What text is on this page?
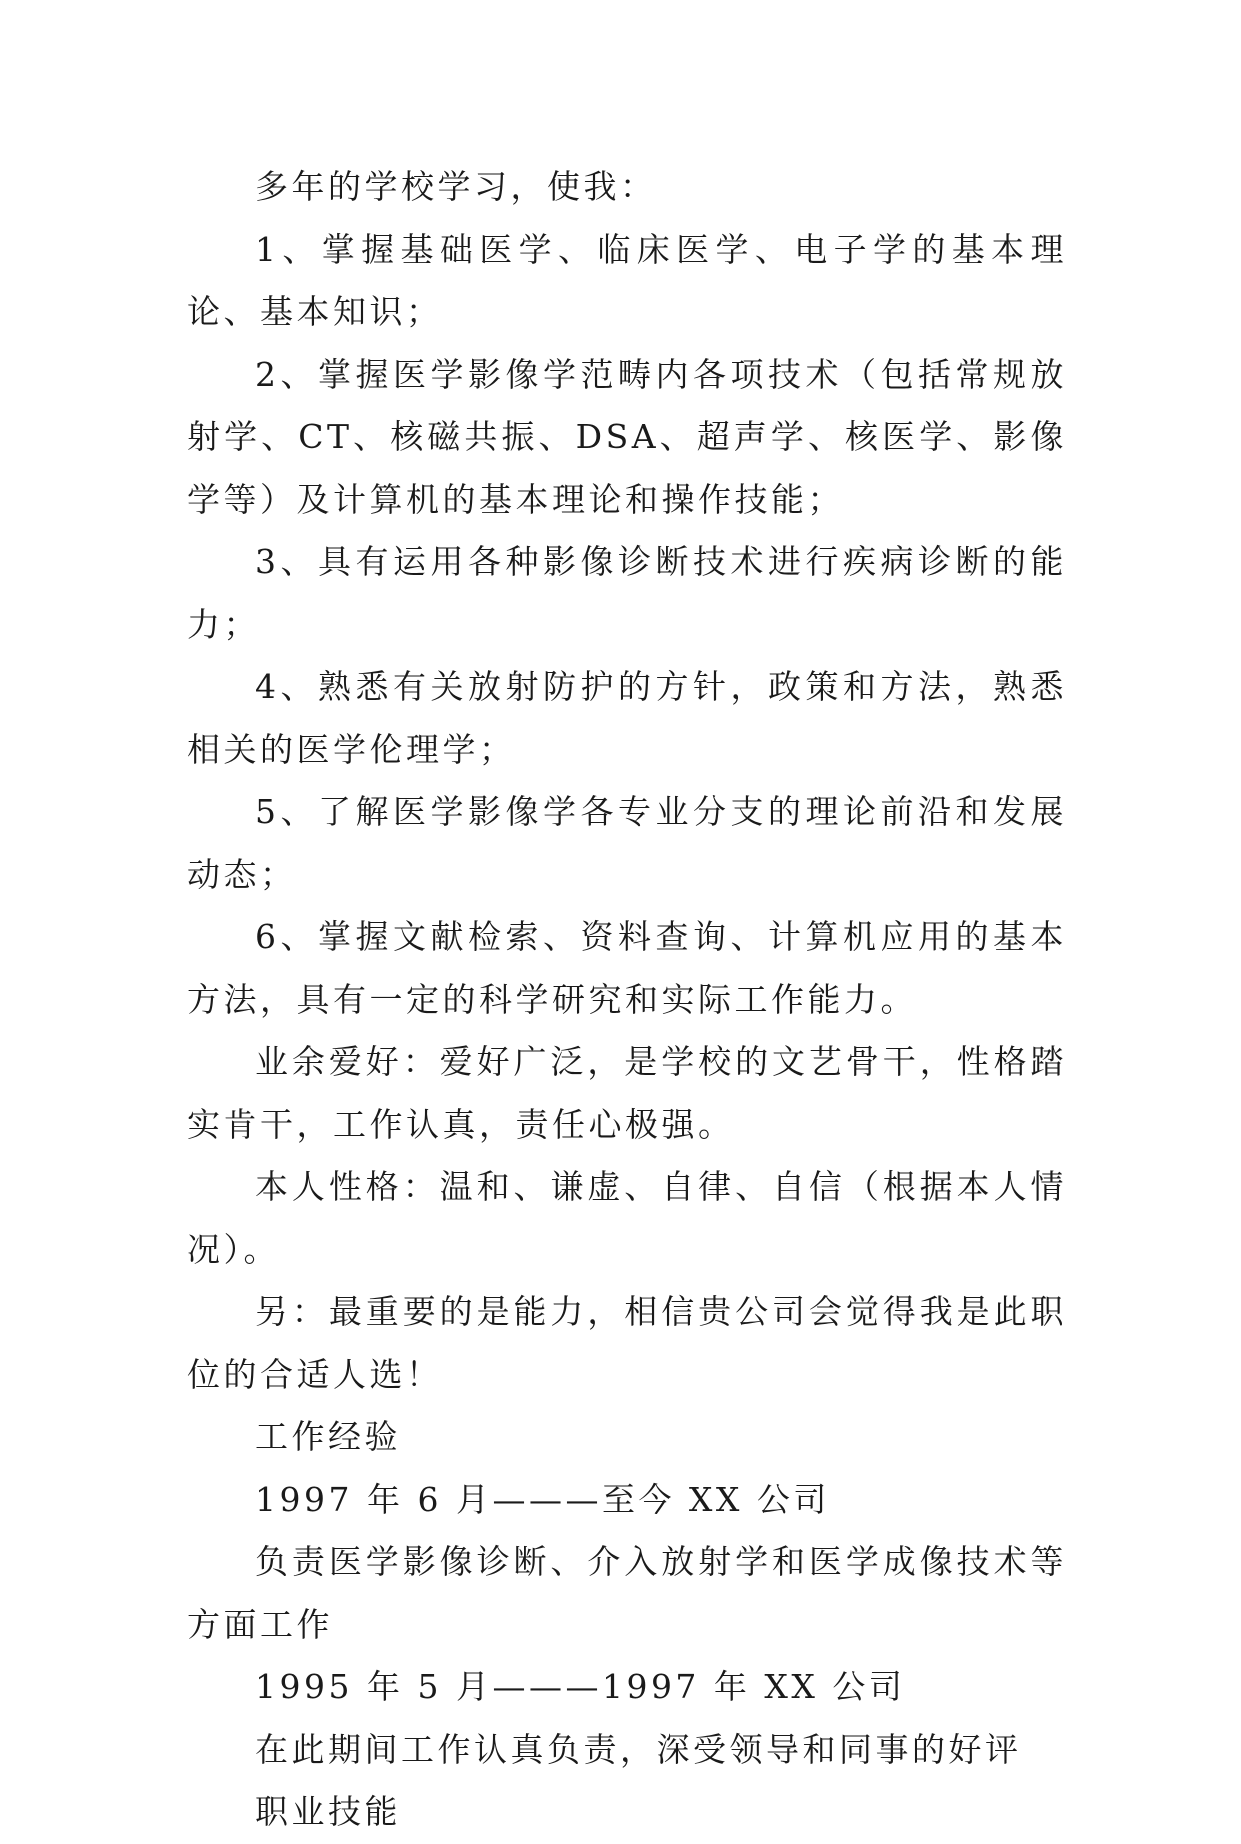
多年的学校学习，使我：

1、掌握基础医学、临床医学、电子学的基本理论、基本知识；

2、掌握医学影像学范畴内各项技术（包括常规放射学、CT、核磁共振、DSA、超声学、核医学、影像学等）及计算机的基本理论和操作技能；

3、具有运用各种影像诊断技术进行疾病诊断的能力；

4、熟悉有关放射防护的方针，政策和方法，熟悉相关的医学伦理学；

5、了解医学影像学各专业分支的理论前沿和发展动态；

6、掌握文献检索、资料查询、计算机应用的基本方法，具有一定的科学研究和实际工作能力。

业余爱好：爱好广泛，是学校的文艺骨干，性格踏实肯干，工作认真，责任心极强。

本人性格：温和、谦虚、自律、自信（根据本人情况）。

另：最重要的是能力，相信贵公司会觉得我是此职位的合适人选！

工作经验

1997 年 6 月———至今 XX 公司

负责医学影像诊断、介入放射学和医学成像技术等方面工作

1995 年 5 月———1997 年 XX 公司

在此期间工作认真负责，深受领导和同事的好评

职业技能
